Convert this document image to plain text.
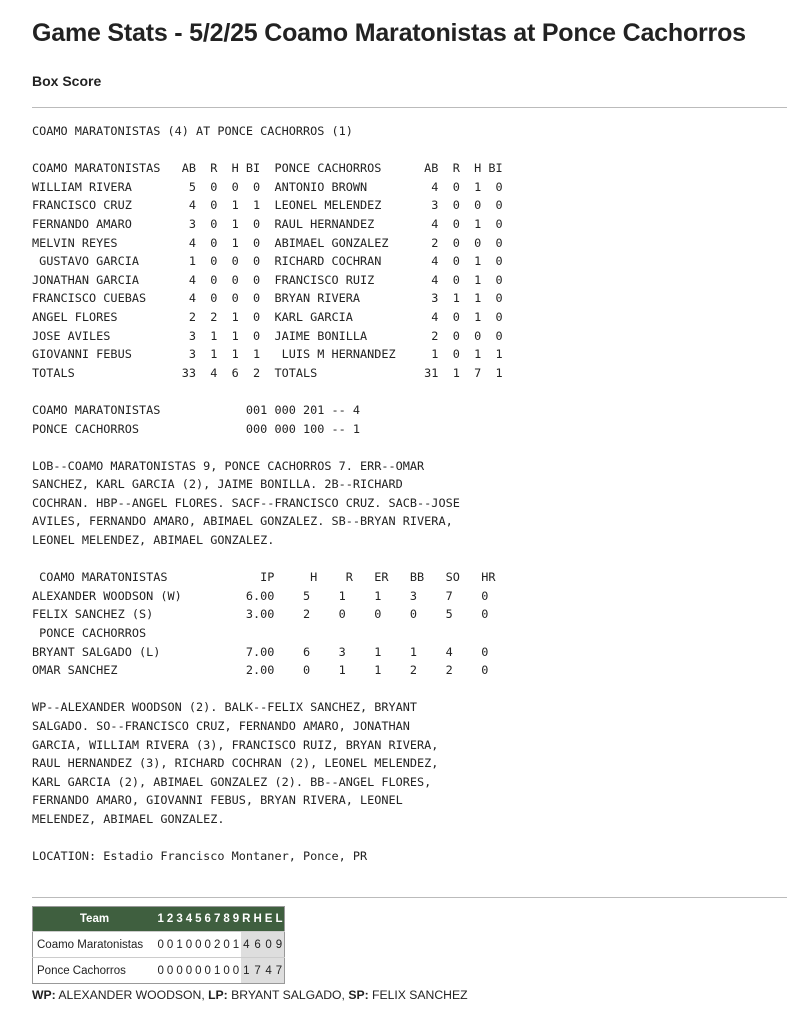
Game Stats - 5/2/25 Coamo Maratonistas at Ponce Cachorros
Box Score
COAMO MARATONISTAS (4) AT PONCE CACHORROS (1)

COAMO MARATONISTAS   AB  R  H BI  PONCE CACHORROS      AB  R  H BI
WILLIAM RIVERA        5  0  0  0  ANTONIO BROWN         4  0  1  0
FRANCISCO CRUZ        4  0  1  1  LEONEL MELENDEZ       3  0  0  0
FERNANDO AMARO        3  0  1  0  RAUL HERNANDEZ        4  0  1  0
MELVIN REYES          4  0  1  0  ABIMAEL GONZALEZ      2  0  0  0
GUSTAVO GARCIA       1  0  0  0  RICHARD COCHRAN       4  0  1  0
JONATHAN GARCIA       4  0  0  0  FRANCISCO RUIZ        4  0  1  0
FRANCISCO CUEBAS      4  0  0  0  BRYAN RIVERA          3  1  1  0
ANGEL FLORES          2  2  1  0  KARL GARCIA           4  0  1  0
JOSE AVILES           3  1  1  0  JAIME BONILLA         2  0  0  0
GIOVANNI FEBUS        3  1  1  1   LUIS M HERNANDEZ     1  0  1  1
TOTALS               33  4  6  2  TOTALS               31  1  7  1

COAMO MARATONISTAS            001 000 201 -- 4
PONCE CACHORROS               000 000 100 -- 1

LOB--COAMO MARATONISTAS 9, PONCE CACHORROS 7. ERR--OMAR
SANCHEZ, KARL GARCIA (2), JAIME BONILLA. 2B--RICHARD
COCHRAN. HBP--ANGEL FLORES. SACF--FRANCISCO CRUZ. SACB--JOSE
AVILES, FERNANDO AMARO, ABIMAEL GONZALEZ. SB--BRYAN RIVERA,
LEONEL MELENDEZ, ABIMAEL GONZALEZ.

COAMO MARATONISTAS             IP     H    R   ER   BB   SO   HR
ALEXANDER WOODSON (W)         6.00    5    1    1    3    7    0
FELIX SANCHEZ (S)             3.00    2    0    0    0    5    0
PONCE CACHORROS
BRYANT SALGADO (L)            7.00    6    3    1    1    4    0
OMAR SANCHEZ                  2.00    0    1    1    2    2    0

WP--ALEXANDER WOODSON (2). BALK--FELIX SANCHEZ, BRYANT
SALGADO. SO--FRANCISCO CRUZ, FERNANDO AMARO, JONATHAN
GARCIA, WILLIAM RIVERA (3), FRANCISCO RUIZ, BRYAN RIVERA,
RAUL HERNANDEZ (3), RICHARD COCHRAN (2), LEONEL MELENDEZ,
KARL GARCIA (2), ABIMAEL GONZALEZ (2). BB--ANGEL FLORES,
FERNANDO AMARO, GIOVANNI FEBUS, BRYAN RIVERA, LEONEL
MELENDEZ, ABIMAEL GONZALEZ.

LOCATION: Estadio Francisco Montaner, Ponce, PR
Team	1	2	3	4	5	6	7	8	9	R	H	E	L
Coamo Maratonistas	0	0	1	0	0	0	2	0	1	4	6	0	9
Ponce Cachorros	0	0	0	0	0	0	1	0	0	1	7	4	7
WP: ALEXANDER WOODSON, LP: BRYANT SALGADO, SP: FELIX SANCHEZ
